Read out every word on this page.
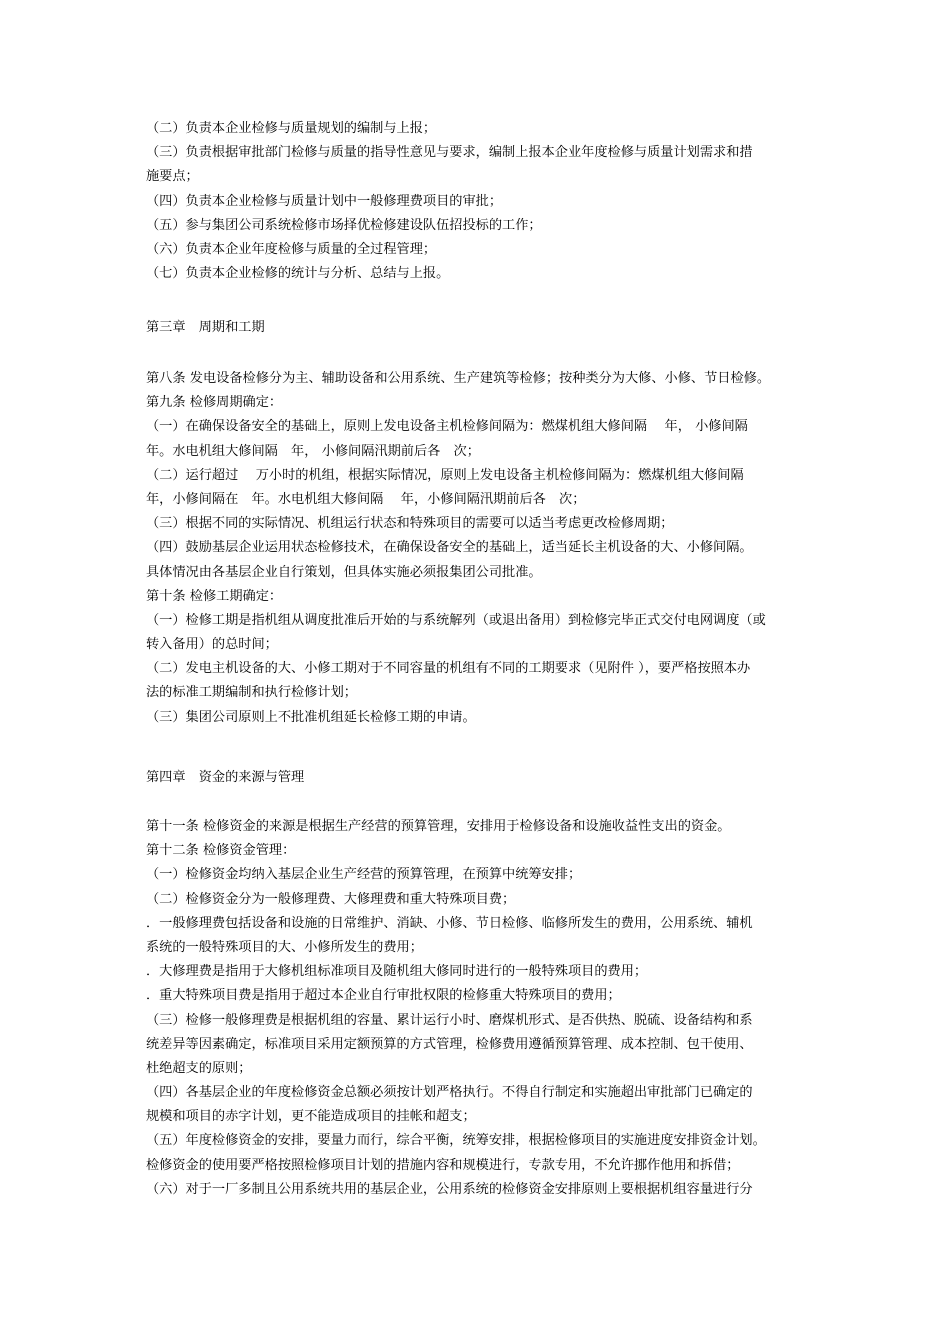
（二）负责本企业检修与质量规划的编制与上报；
（三）负责根据审批部门检修与质量的指导性意见与要求，编制上报本企业年度检修与质量计划需求和措
施要点；
（四）负责本企业检修与质量计划中一般修理费项目的审批；
（五）参与集团公司系统检修市场择优检修建设队伍招投标的工作；
（六）负责本企业年度检修与质量的全过程管理；
（七）负责本企业检修的统计与分析、总结与上报。
第三章　周期和工期
第八条 发电设备检修分为主、辅助设备和公用系统、生产建筑等检修；按种类分为大修、小修、节日检修。
第九条 检修周期确定：
（一）在确保设备安全的基础上，原则上发电设备主机检修间隔为：燃煤机组大修间隔　 年， 小修间隔
年。水电机组大修间隔　年， 小修间隔汛期前后各　次；
（二）运行超过　 万小时的机组，根据实际情况，原则上发电设备主机检修间隔为：燃煤机组大修间隔
年，小修间隔在　年。水电机组大修间隔　 年，小修间隔汛期前后各　次；
（三）根据不同的实际情况、机组运行状态和特殊项目的需要可以适当考虑更改检修周期；
（四）鼓励基层企业运用状态检修技术，在确保设备安全的基础上，适当延长主机设备的大、小修间隔。
具体情况由各基层企业自行策划，但具体实施必须报集团公司批准。
第十条 检修工期确定：
（一）检修工期是指机组从调度批准后开始的与系统解列（或退出备用）到检修完毕正式交付电网调度（或
转入备用）的总时间；
（二）发电主机设备的大、小修工期对于不同容量的机组有不同的工期要求（见附件 ），要严格按照本办
法的标准工期编制和执行检修计划；
（三）集团公司原则上不批准机组延长检修工期的申请。
第四章　资金的来源与管理
第十一条 检修资金的来源是根据生产经营的预算管理，安排用于检修设备和设施收益性支出的资金。
第十二条 检修资金管理：
（一）检修资金均纳入基层企业生产经营的预算管理，在预算中统筹安排；
（二）检修资金分为一般修理费、大修理费和重大特殊项目费；
．一般修理费包括设备和设施的日常维护、消缺、小修、节日检修、临修所发生的费用，公用系统、辅机
系统的一般特殊项目的大、小修所发生的费用；
．大修理费是指用于大修机组标准项目及随机组大修同时进行的一般特殊项目的费用；
．重大特殊项目费是指用于超过本企业自行审批权限的检修重大特殊项目的费用；
（三）检修一般修理费是根据机组的容量、累计运行小时、磨煤机形式、是否供热、脱硫、设备结构和系
统差异等因素确定，标准项目采用定额预算的方式管理，检修费用遵循预算管理、成本控制、包干使用、
杜绝超支的原则；
（四）各基层企业的年度检修资金总额必须按计划严格执行。不得自行制定和实施超出审批部门已确定的
规模和项目的赤字计划，更不能造成项目的挂帐和超支；
（五）年度检修资金的安排，要量力而行，综合平衡，统筹安排，根据检修项目的实施进度安排资金计划。
检修资金的使用要严格按照检修项目计划的措施内容和规模进行，专款专用，不允许挪作他用和拆借；
（六）对于一厂多制且公用系统共用的基层企业，公用系统的检修资金安排原则上要根据机组容量进行分
